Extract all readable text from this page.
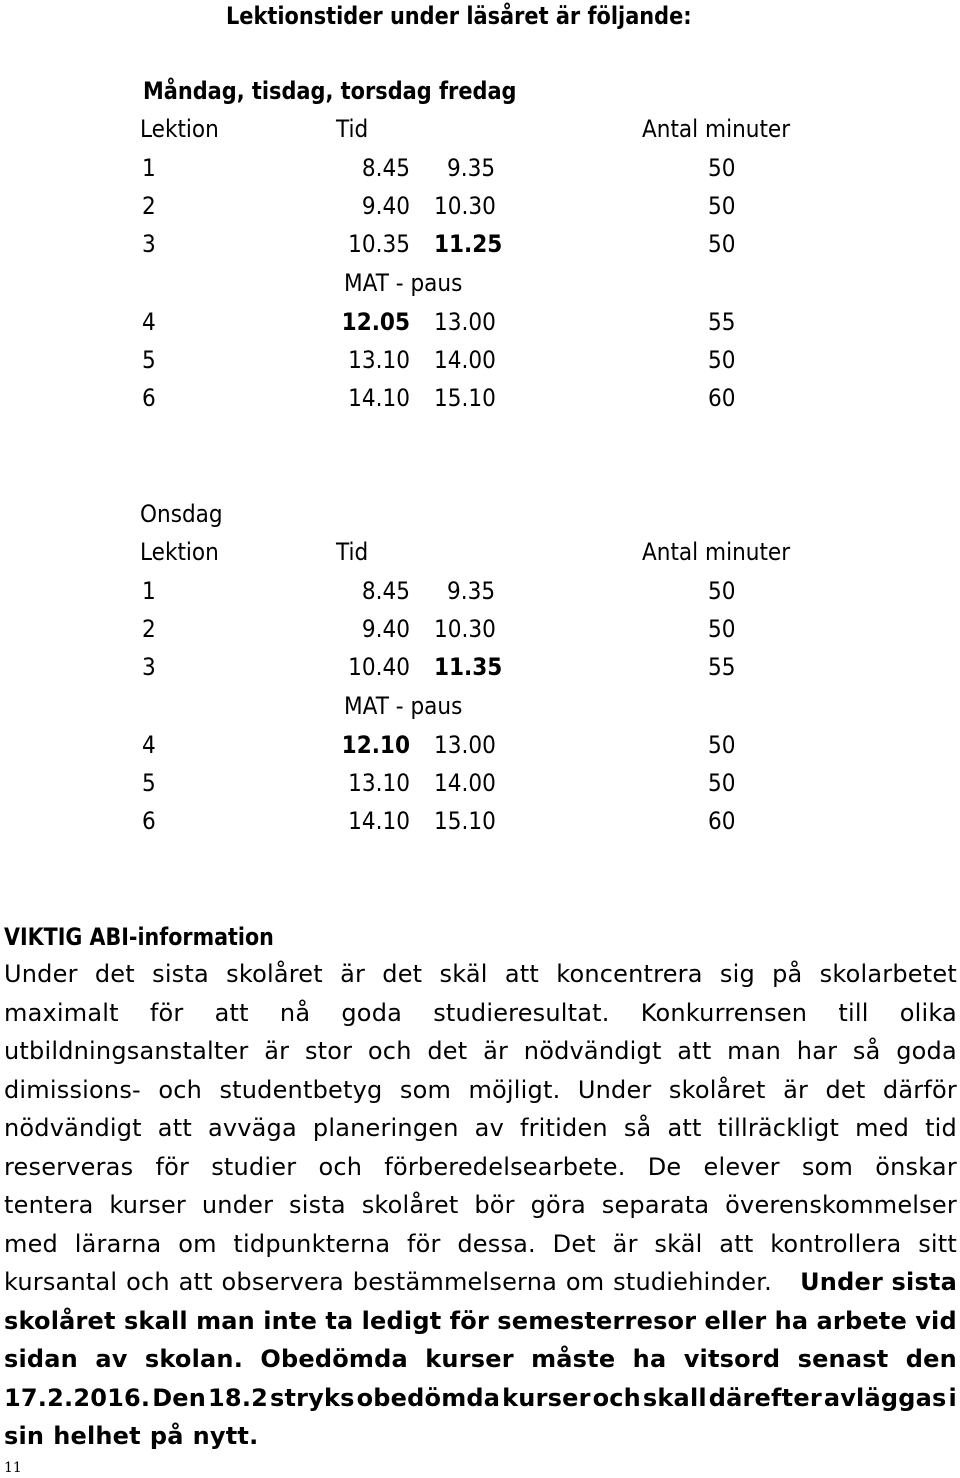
Lektionstider under läsåret är följande:
Måndag, tisdag, torsdag fredag
Lektion	Tid	Antal minuter
1	8.45 9.35	50
2	9.40 10.30	50
3	10.35 11.25	50
MAT - paus
4	12.05 13.00	55
5	13.10 14.00	50
6	14.10 15.10	60
Onsdag
Lektion	Tid	Antal minuter
1	8.45 9.35	50
2	9.40 10.30	50
3	10.40 11.35	55
MAT - paus
4	12.10 13.00	50
5	13.10 14.00	50
6	14.10 15.10	60
VIKTIG ABI-information
Under det sista skolåret är det skäl att koncentrera sig på skolarbetet
maximalt för att nå goda studieresultat. Konkurrensen till olika
utbildningsanstalter är stor och det är nödvändigt att man har så goda
dimissions- och studentbetyg som möjligt. Under skolåret är det därför
nödvändigt att avväga planeringen av fritiden så att tillräckligt med tid
reserveras för studier och förberedelsearbete. De elever som önskar
tentera kurser under sista skolåret bör göra separata överenskommelser
med lärarna om tidpunkterna för dessa. Det är skäl att kontrollera sitt
kursantal och att observera bestämmelserna om studiehinder. Under sista
skolåret skall man inte ta ledigt för semesterresor eller ha arbete vid
sidan av skolan. Obedömda kurser måste ha vitsord senast den
17.2.2016. Den 18.2 stryks obedömda kurser och skall därefter avläggas i
sin helhet på nytt.
11
